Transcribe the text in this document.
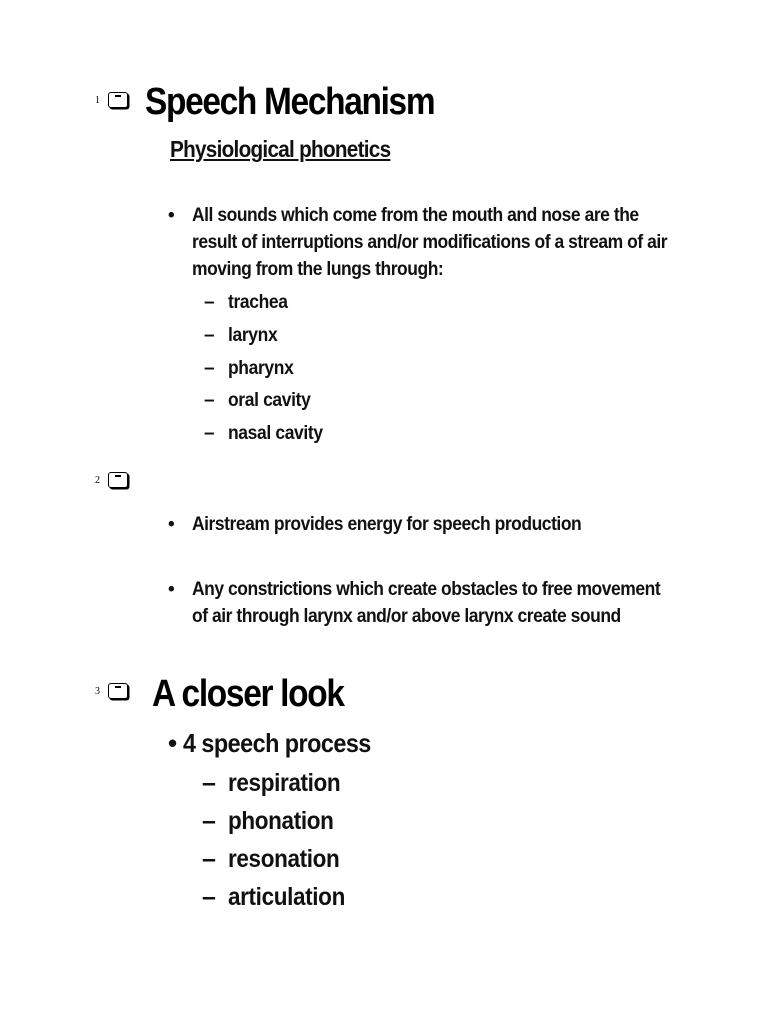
1 Speech Mechanism
Physiological phonetics
• All sounds which come from the mouth and nose are the result of interruptions and/or modifications of a stream of air moving from the lungs through:
– trachea
– larynx
– pharynx
– oral cavity
– nasal cavity
2
• Airstream provides energy for speech production
• Any constrictions which create obstacles to free movement of air through larynx and/or above larynx create sound
3 A closer look
• 4 speech process
– respiration
– phonation
– resonation
– articulation
